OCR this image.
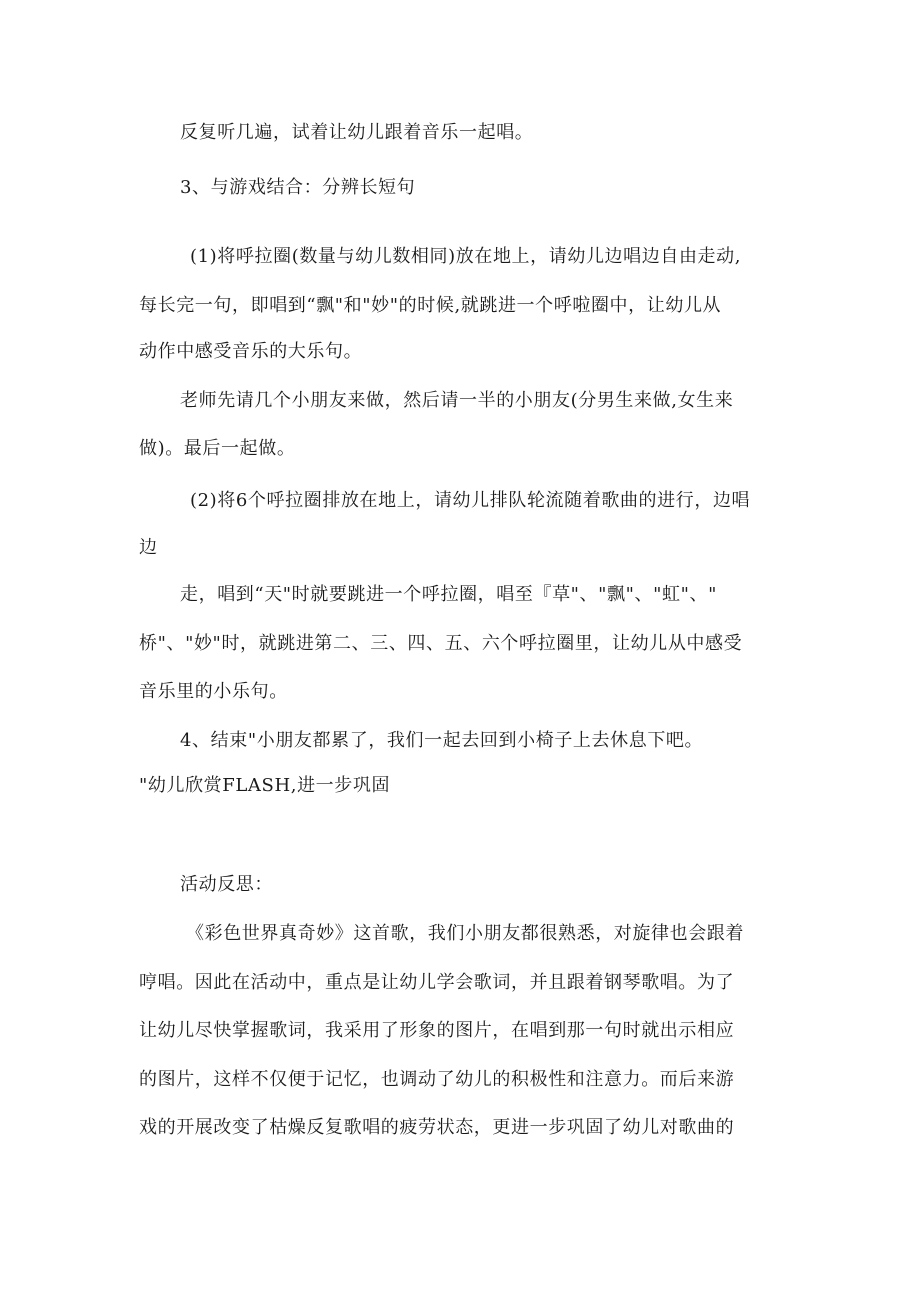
反复听几遍，试着让幼儿跟着音乐一起唱。
3、与游戏结合：分辨长短句
(1)将呼拉圈(数量与幼儿数相同)放在地上，请幼儿边唱边自由走动,
每长完一句，即唱到“飘"和"妙"的时候,就跳进一个呼啦圈中，让幼儿从
动作中感受音乐的大乐句。
老师先请几个小朋友来做，然后请一半的小朋友(分男生来做,女生来
做)。最后一起做。
(2)将6个呼拉圈排放在地上，请幼儿排队轮流随着歌曲的进行，边唱
边
走，唱到“天"时就要跳进一个呼拉圈，唱至『草"、"飘"、"虹"、"
桥"、"妙"时，就跳进第二、三、四、五、六个呼拉圈里，让幼儿从中感受
音乐里的小乐句。
4、结束"小朋友都累了，我们一起去回到小椅子上去休息下吧。
"幼儿欣赏FLASH,进一步巩固
活动反思：
《彩色世界真奇妙》这首歌，我们小朋友都很熟悉，对旋律也会跟着
哼唱。因此在活动中，重点是让幼儿学会歌词，并且跟着钢琴歌唱。为了
让幼儿尽快掌握歌词，我采用了形象的图片，在唱到那一句时就出示相应
的图片，这样不仅便于记忆，也调动了幼儿的积极性和注意力。而后来游
戏的开展改变了枯燥反复歌唱的疲劳状态，更进一步巩固了幼儿对歌曲的
